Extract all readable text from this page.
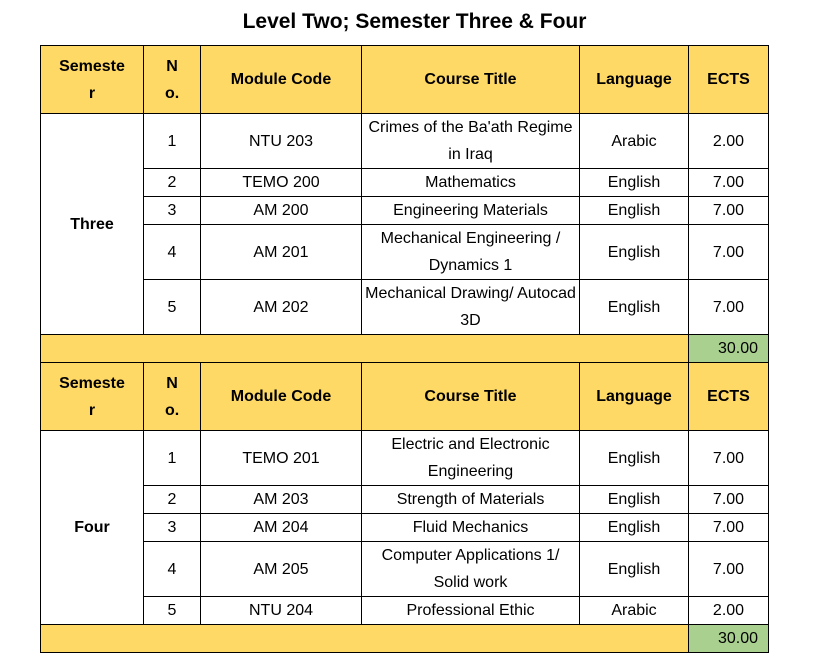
Level Two; Semester Three & Four
Semester	No.	Module Code	Course Title	Language	ECTS
Three	1	NTU 203	Crimes of the Ba'ath Regime in Iraq	Arabic	2.00
	2	TEMO 200	Mathematics	English	7.00
	3	AM 200	Engineering Materials	English	7.00
	4	AM 201	Mechanical Engineering / Dynamics 1	English	7.00
	5	AM 202	Mechanical Drawing/ Autocad 3D	English	7.00
					30.00
Semester	No.	Module Code	Course Title	Language	ECTS
Four	1	TEMO 201	Electric and Electronic Engineering	English	7.00
	2	AM 203	Strength of Materials	English	7.00
	3	AM 204	Fluid Mechanics	English	7.00
	4	AM 205	Computer Applications 1/ Solid work	English	7.00
	5	NTU 204	Professional Ethic	Arabic	2.00
					30.00
